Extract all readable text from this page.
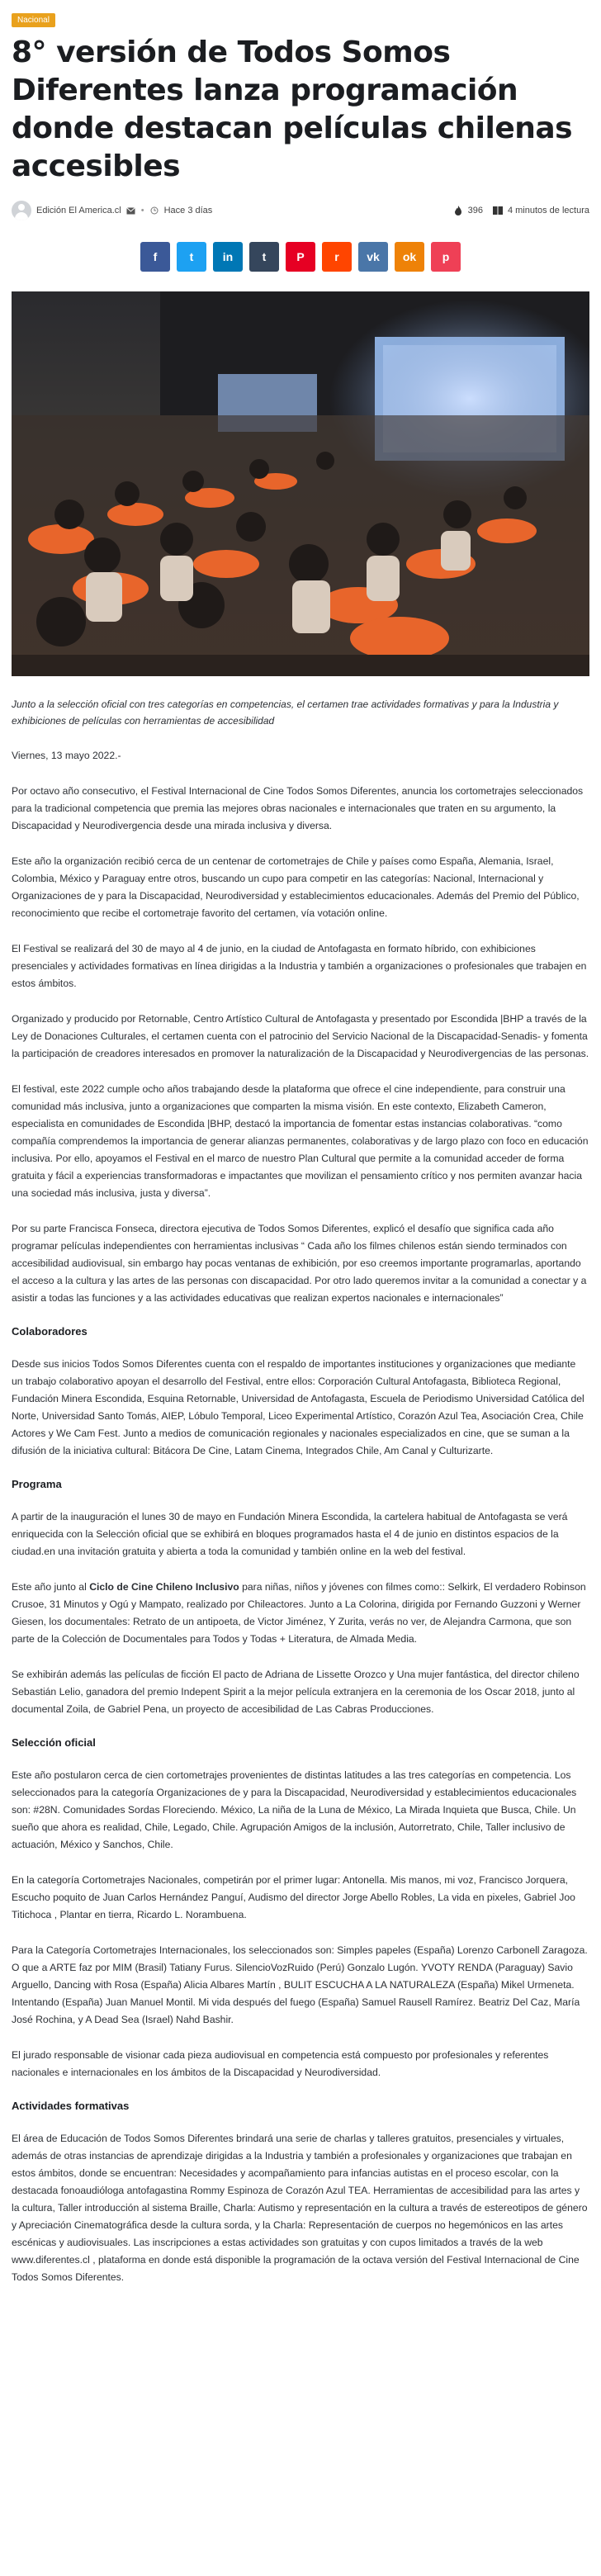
Nacional
8° versión de Todos Somos Diferentes lanza programación donde destacan películas chilenas accesibles
Edición El America.cl • Hace 3 días	396	4 minutos de lectura
f	t	in	t	P	r vk ok p
Junto a la selección oficial con tres categorías en competencias, el certamen trae actividades formativas y para la Industria y exhibiciones de películas con herramientas de accesibilidad

Viernes, 13 mayo 2022.-

Por octavo año consecutivo, el Festival Internacional de Cine Todos Somos Diferentes, anuncia los cortometrajes seleccionados para la tradicional competencia que premia las mejores obras nacionales e internacionales que traten en su argumento, la Discapacidad y Neurodivergencia desde una mirada inclusiva y diversa.

Este año la organización recibió cerca de un centenar de cortometrajes de Chile y países como España, Alemania, Israel, Colombia, México y Paraguay entre otros, buscando un cupo para competir en las categorías: Nacional, Internacional y Organizaciones de y para la Discapacidad, Neurodiversidad y establecimientos educacionales. Además del Premio del Público, reconocimiento que recibe el cortometraje favorito del certamen, vía votación online.

El Festival se realizará del 30 de mayo al 4 de junio, en la ciudad de Antofagasta en formato híbrido, con exhibiciones presenciales y actividades formativas en línea dirigidas a la Industria y también a organizaciones o profesionales que trabajen en estos ámbitos.

Organizado y producido por Retornable, Centro Artístico Cultural de Antofagasta y presentado por Escondida |BHP a través de la Ley de Donaciones Culturales, el certamen cuenta con el patrocinio del Servicio Nacional de la Discapacidad-Senadis- y fomenta la participación de creadores interesados en promover la naturalización de la Discapacidad y Neurodivergencias de las personas.

El festival, este 2022 cumple ocho años trabajando desde la plataforma que ofrece el cine independiente, para construir una comunidad más inclusiva, junto a organizaciones que comparten la misma visión. En este contexto, Elizabeth Cameron, especialista en comunidades de Escondida |BHP, destacó la importancia de fomentar estas instancias colaborativas. “como compañía comprendemos la importancia de generar alianzas permanentes, colaborativas y de largo plazo con foco en educación inclusiva. Por ello, apoyamos el Festival en el marco de nuestro Plan Cultural que permite a la comunidad acceder de forma gratuita y fácil a experiencias transformadoras e impactantes que movilizan el pensamiento crítico y nos permiten avanzar hacia una sociedad más inclusiva, justa y diversa”.

Por su parte Francisca Fonseca, directora ejecutiva de Todos Somos Diferentes, explicó el desafío que significa cada año programar películas independientes con herramientas inclusivas “ Cada año los filmes chilenos están siendo terminados con accesibilidad audiovisual, sin embargo hay pocas ventanas de exhibición, por eso creemos importante programarlas, aportando el acceso a la cultura y las artes de las personas con discapacidad. Por otro lado queremos invitar a la comunidad a conectar y a asistir a todas las funciones y a las actividades educativas que realizan expertos nacionales e internacionales”

Colaboradores

Desde sus inicios Todos Somos Diferentes cuenta con el respaldo de importantes instituciones y organizaciones que mediante un trabajo colaborativo apoyan el desarrollo del Festival, entre ellos: Corporación Cultural Antofagasta, Biblioteca Regional, Fundación Minera Escondida, Esquina Retornable, Universidad de Antofagasta, Escuela de Periodismo Universidad Católica del Norte, Universidad Santo Tomás, AIEP, Lóbulo Temporal, Liceo Experimental Artístico, Corazón Azul Tea, Asociación Crea, Chile Actores y We Cam Fest. Junto a medios de comunicación regionales y nacionales especializados en cine, que se suman a la difusión de la iniciativa cultural: Bitácora De Cine, Latam Cinema, Integrados Chile, Am Canal y Culturizarte.

Programa

A partir de la inauguración el lunes 30 de mayo en Fundación Minera Escondida, la cartelera habitual de Antofagasta se verá enriquecida con la Selección oficial que se exhibirá en bloques programados hasta el 4 de junio en distintos espacios de la ciudad.en una invitación gratuita y abierta a toda la comunidad y también online en la web del festival.

Este año junto al Ciclo de Cine Chileno Inclusivo para niñas, niños y jóvenes con filmes como:: Selkirk, El verdadero Robinson Crusoe, 31 Minutos y Ogú y Mampato, realizado por Chileactores. Junto a La Colorina, dirigida por Fernando Guzzoni y Werner Giesen, los documentales: Retrato de un antipoeta, de Victor Jiménez, Y Zurita, verás no ver, de Alejandra Carmona, que son parte de la Colección de Documentales para Todos y Todas + Literatura, de Almada Media.

Se exhibirán además las películas de ficción El pacto de Adriana de Lissette Orozco y Una mujer fantástica, del director chileno Sebastián Lelio, ganadora del premio Indepent Spirit a la mejor película extranjera en la ceremonia de los Oscar 2018, junto al documental Zoila, de Gabriel Pena, un proyecto de accesibilidad de Las Cabras Producciones.

Selección oficial

Este año postularon cerca de cien cortometrajes provenientes de distintas latitudes a las tres categorías en competencia. Los seleccionados para la categoría Organizaciones de y para la Discapacidad, Neurodiversidad y establecimientos educacionales son: #28N. Comunidades Sordas Floreciendo. México, La niña de la Luna de México, La Mirada Inquieta que Busca, Chile. Un sueño que ahora es realidad, Chile, Legado, Chile. Agrupación Amigos de la inclusión, Autorretrato, Chile, Taller inclusivo de actuación, México y Sanchos, Chile.

En la categoría Cortometrajes Nacionales, competirán por el primer lugar: Antonella. Mis manos, mi voz, Francisco Jorquera, Escucho poquito de Juan Carlos Hernández Panguí, Audismo del director Jorge Abello Robles, La vida en pixeles, Gabriel Joo Titichoca , Plantar en tierra, Ricardo L. Norambuena.

Para la Categoría Cortometrajes Internacionales, los seleccionados son: Simples papeles (España) Lorenzo Carbonell Zaragoza. O que a ARTE faz por MIM (Brasil) Tatiany Furus. SilencioVozRuido (Perú) Gonzalo Lugón. YVOTY RENDA (Paraguay) Savio Arguello, Dancing with Rosa (España) Alicia Albares Martín , BULIT ESCUCHA A LA NATURALEZA (España) Mikel Urmeneta. Intentando (España) Juan Manuel Montil. Mi vida después del fuego (España) Samuel Rausell Ramírez. Beatriz Del Caz, María José Rochina, y A Dead Sea (Israel) Nahd Bashir.

El jurado responsable de visionar cada pieza audiovisual en competencia está compuesto por profesionales y referentes nacionales e internacionales en los ámbitos de la Discapacidad y Neurodiversidad.

Actividades formativas

El área de Educación de Todos Somos Diferentes brindará una serie de charlas y talleres gratuitos, presenciales y virtuales, además de otras instancias de aprendizaje dirigidas a la Industria y también a profesionales y organizaciones que trabajan en estos ámbitos, donde se encuentran: Necesidades y acompañamiento para infancias autistas en el proceso escolar, con la destacada fonoaudióloga antofagastina Rommy Espinoza de Corazón Azul TEA. Herramientas de accesibilidad para las artes y la cultura, Taller introducción al sistema Braille, Charla: Autismo y representación en la cultura a través de estereotipos de género y Apreciación Cinematográfica desde la cultura sorda, y la Charla: Representación de cuerpos no hegemónicos en las artes escénicas y audiovisuales. Las inscripciones a estas actividades son gratuitas y con cupos limitados a través de la web www.diferentes.cl , plataforma en donde está disponible la programación de la octava versión del Festival Internacional de Cine Todos Somos Diferentes.
